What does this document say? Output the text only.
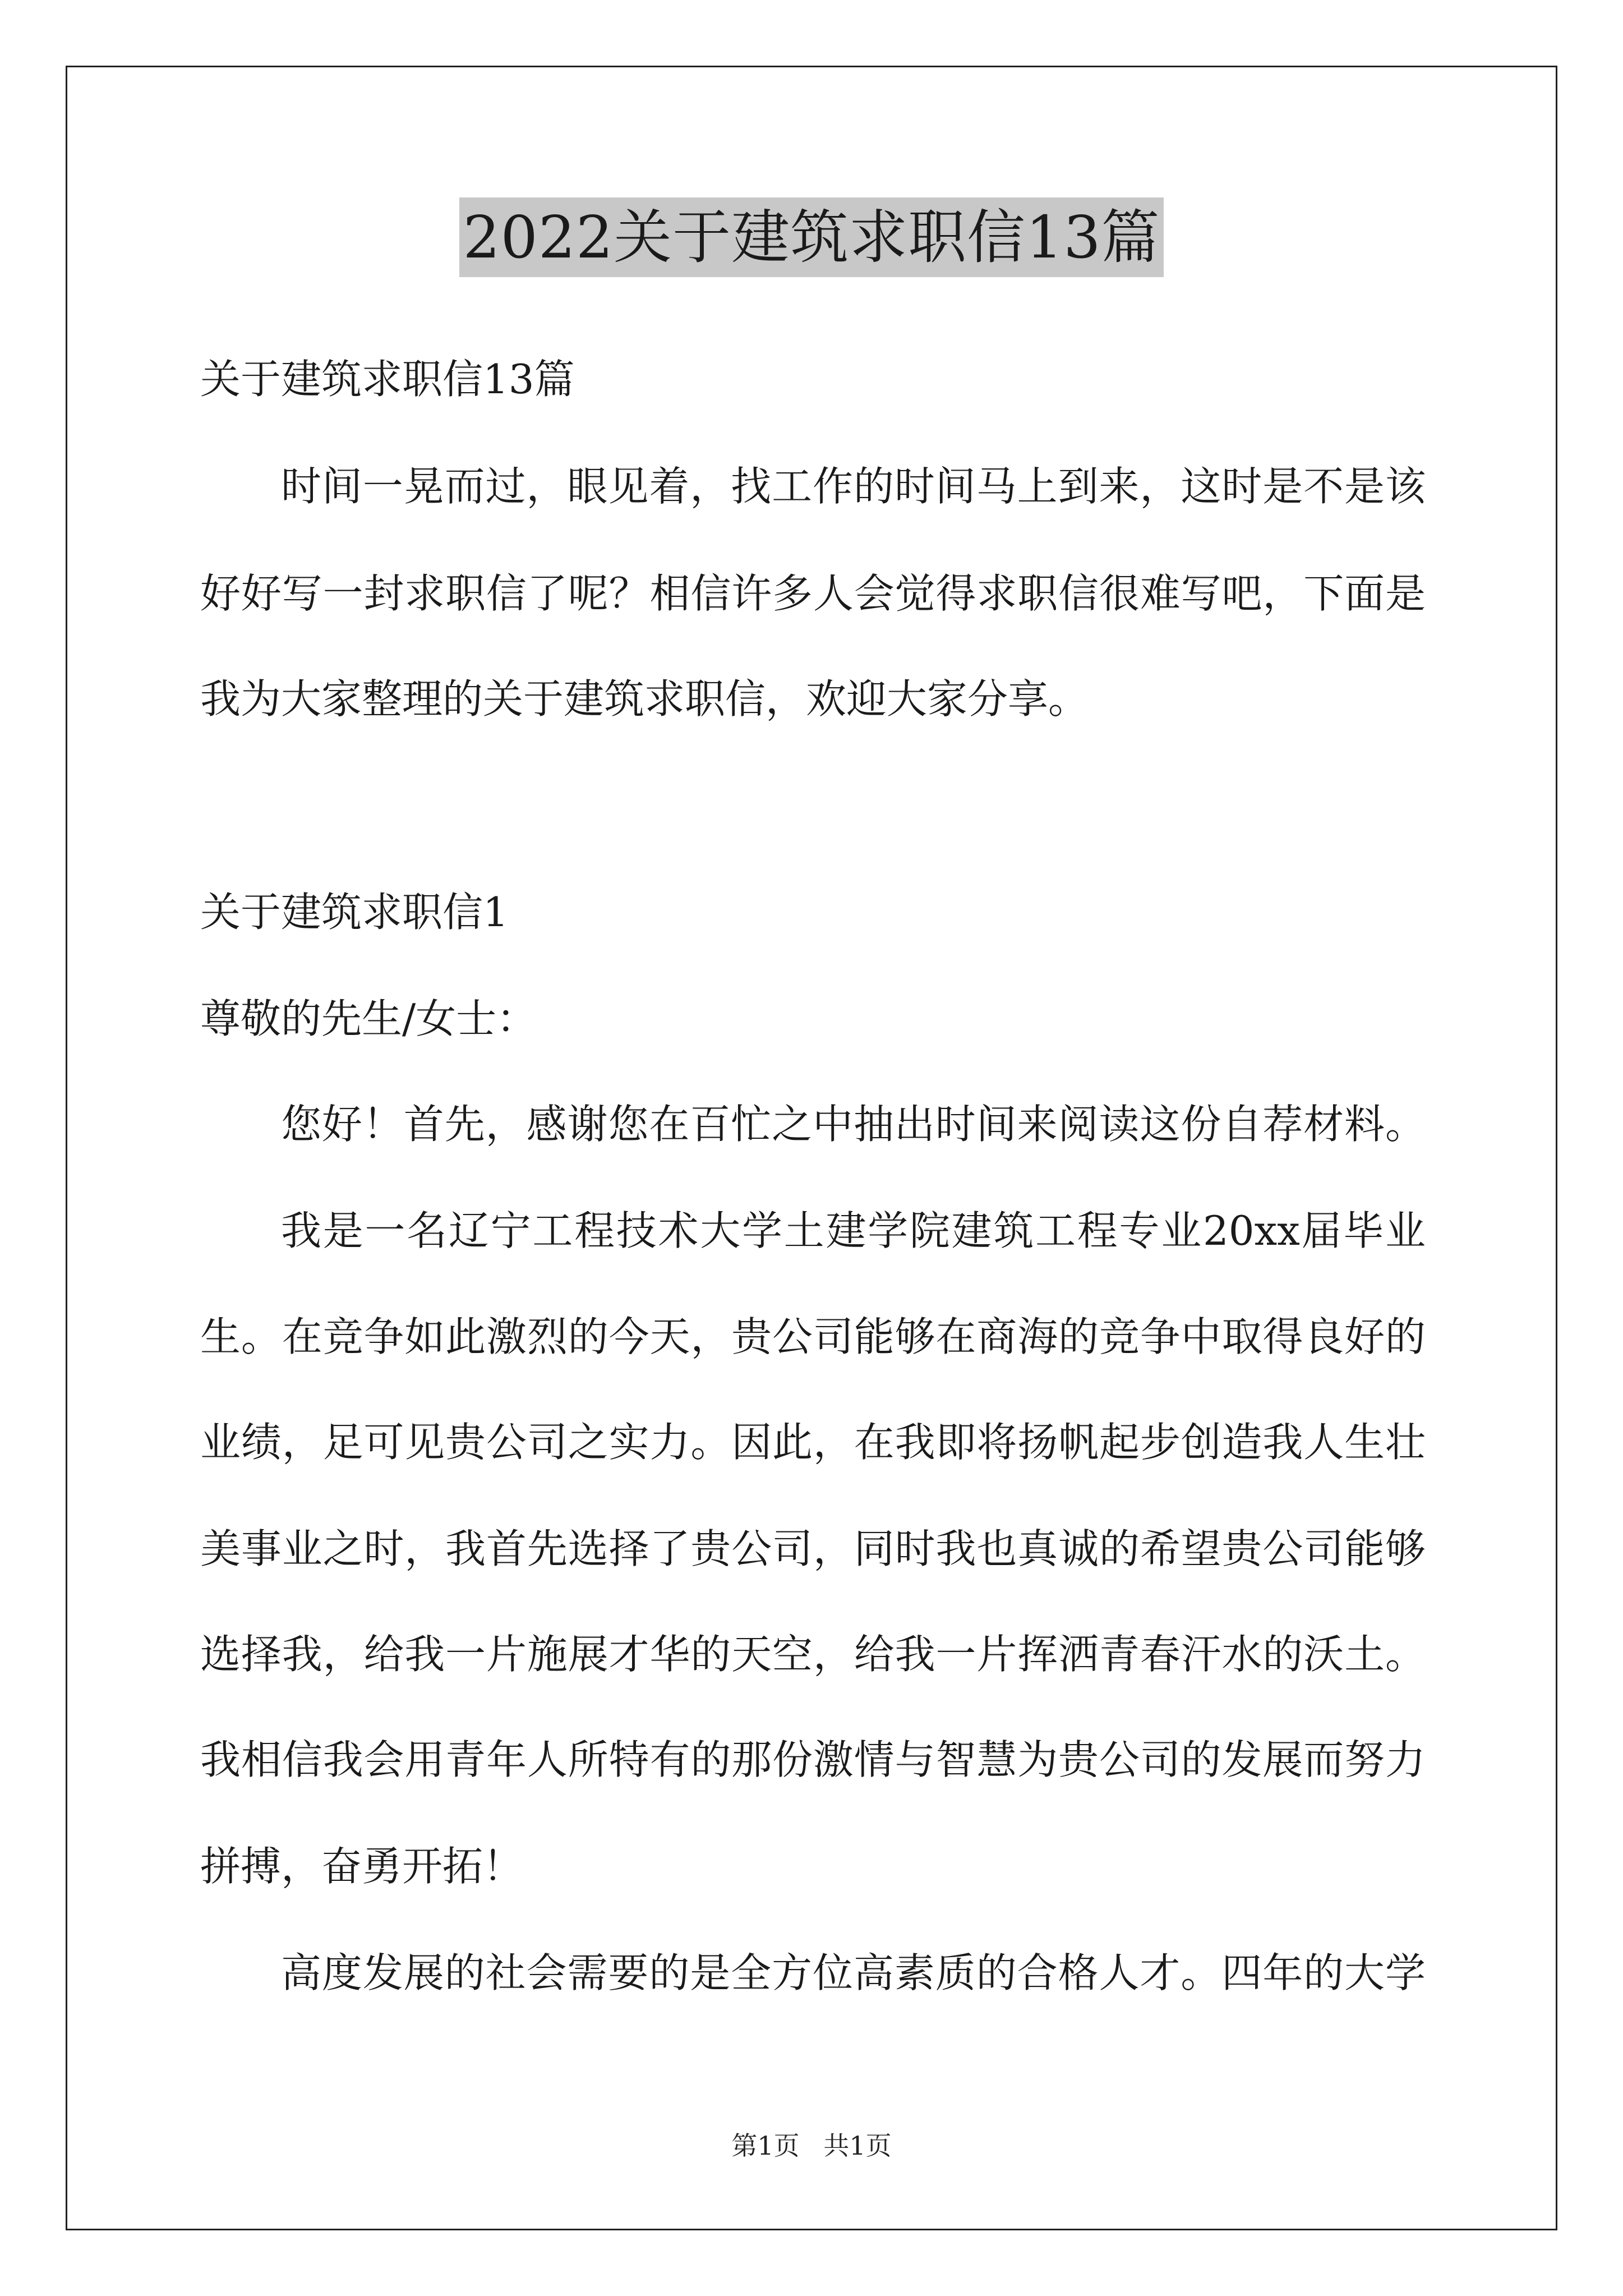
2022关于建筑求职信13篇
关于建筑求职信13篇
时间一晃而过，眼见着，找工作的时间马上到来，这时是不是该
好好写一封求职信了呢？相信许多人会觉得求职信很难写吧，下面是
我为大家整理的关于建筑求职信，欢迎大家分享。
关于建筑求职信1
尊敬的先生/女士：
您好！首先，感谢您在百忙之中抽出时间来阅读这份自荐材料。
我是一名辽宁工程技术大学土建学院建筑工程专业20xx届毕业
生。在竞争如此激烈的今天，贵公司能够在商海的竞争中取得良好的
业绩，足可见贵公司之实力。因此，在我即将扬帆起步创造我人生壮
美事业之时，我首先选择了贵公司，同时我也真诚的希望贵公司能够
选择我，给我一片施展才华的天空，给我一片挥洒青春汗水的沃土。
我相信我会用青年人所特有的那份激情与智慧为贵公司的发展而努力
拼搏，奋勇开拓！
高度发展的社会需要的是全方位高素质的合格人才。四年的大学
第1页 共1页
